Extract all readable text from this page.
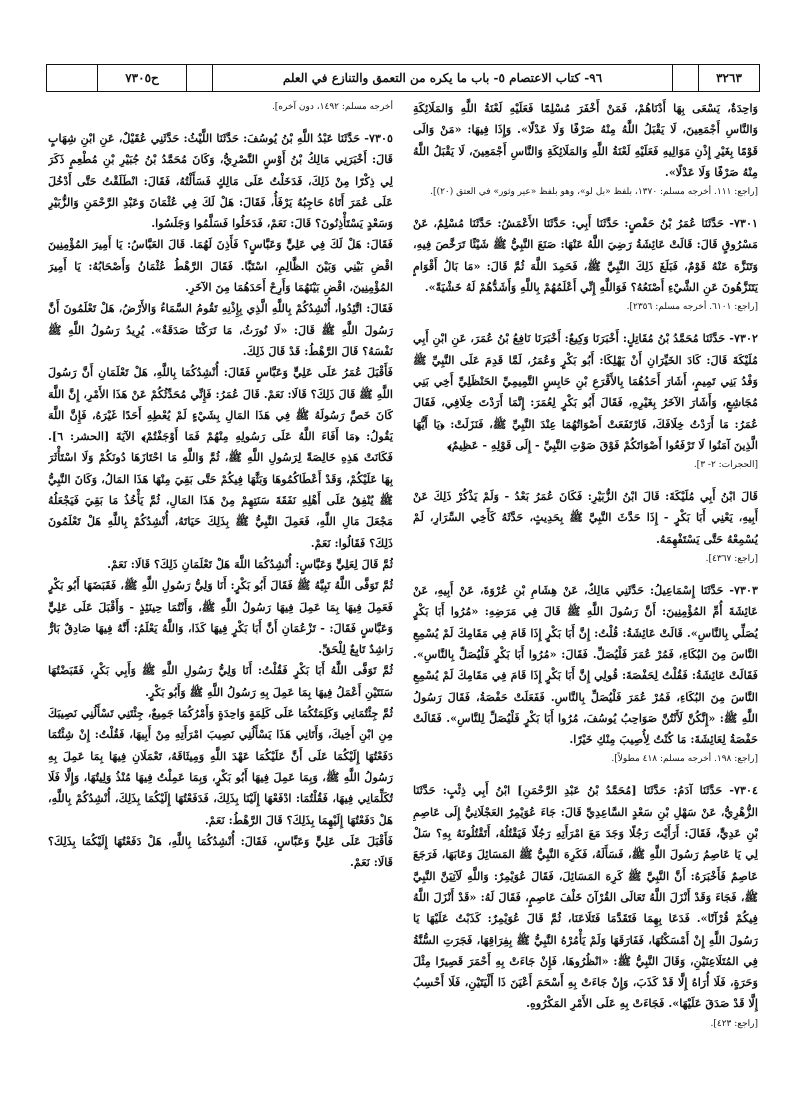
٣٢٦٣
٩٦- كتاب الاعتصام ٥- باب ما يكره من التعمق والتنازع في العلم
ح٧٣٠٥

وَاحِدَةٌ، يَسْعَى بِهَا أَدْنَاهُمْ، فَمَنْ أَخْفَرَ مُسْلِمًا فَعَلَيْهِ لَعْنَةُ اللَّهِ وَالمَلَائِكَةِ وَالنَّاسِ أَجْمَعِينَ، لَا يَقْبَلُ اللَّهُ مِنْهُ صَرْفًا وَلَا عَدْلًا». وَإِذَا فِيهَا: «مَنْ وَالَى قَوْمًا بِغَيْرِ إِذْنِ مَوَالِيهِ فَعَلَيْهِ لَعْنَةُ اللَّهِ وَالمَلَائِكَةِ وَالنَّاسِ أَجْمَعِينَ، لَا يَقْبَلُ اللَّهُ مِنْهُ صَرْفًا وَلَا عَدْلًا».

[راجع: ١١١. أخرجه مسلم: ١٣٧٠، بلفظ «بل لو»، وهو بلفظ «عير وثور» في العتق (٢٠)].

٧٣٠١- حَدَّثَنَا عُمَرُ بْنُ حَفْصٍ: حَدَّثَنَا أَبِي: حَدَّثَنَا الأَعْمَشُ: حَدَّثَنَا مُسْلِمٌ، عَنْ مَسْرُوقٍ قَالَ: قَالَتْ عَائِشَةُ رَضِيَ اللَّهُ عَنْهَا: صَنَعَ النَّبِيُّ ﷺ شَيْئًا تَرَخَّصَ فِيهِ، وَتَنَزَّهَ عَنْهُ قَوْمٌ، فَبَلَغَ ذَلِكَ النَّبِيَّ ﷺ، فَحَمِدَ اللَّهَ ثُمَّ قَالَ: «مَا بَالُ أَقْوَامٍ يَتَنَزَّهُونَ عَنِ الشَّيْءِ أَصْنَعُهُ؟ فَوَاللَّهِ إِنِّي أَعْلَمُهُمْ بِاللَّهِ وَأَشَدُّهُمْ لَهُ خَشْيَةً».

[راجع: ٦١٠١. أخرجه مسلم: ٢٣٥٦].

٧٣٠٢- حَدَّثَنَا مُحَمَّدُ بْنُ مُقَاتِلٍ: أَخْبَرَنَا وَكِيعٌ: أَخْبَرَنَا نَافِعُ بْنُ عُمَرَ، عَنِ ابْنِ أَبِي مُلَيْكَةَ قَالَ: كَادَ الخَيِّرَانِ أَنْ يَهْلِكَا: أَبُو بَكْرٍ وَعُمَرُ، لَمَّا قَدِمَ عَلَى النَّبِيِّ ﷺ وَفْدُ بَنِي تَمِيمٍ، أَشَارَ أَحَدُهُمَا بِالأَقْرَعِ بْنِ حَابِسٍ التَّمِيمِيِّ الحَنْظَلِيِّ أَخِي بَنِي مُجَاشِعٍ، وَأَشَارَ الآخَرُ بِغَيْرِهِ، فَقَالَ أَبُو بَكْرٍ لِعُمَرَ: إِنَّمَا أَرَدْتَ خِلَافِي، فَقَالَ عُمَرُ: مَا أَرَدْتُ خِلَافَكَ، فَارْتَفَعَتْ أَصْوَاتُهُمَا عِنْدَ النَّبِيِّ ﷺ، فَنَزَلَتْ: ﴿يَا أَيُّهَا الَّذِينَ آمَنُوا لَا تَرْفَعُوا أَصْوَاتَكُمْ فَوْقَ صَوْتِ النَّبِيِّ - إِلَى قَوْلِهِ - عَظِيمٌ﴾

[الحجرات: ٢- ٣].

قَالَ ابْنُ أَبِي مُلَيْكَةَ: قَالَ ابْنُ الزُّبَيْرِ: فَكَانَ عُمَرُ بَعْدُ - وَلَمْ يَذْكُرْ ذَلِكَ عَنْ أَبِيهِ، يَعْنِي أَبَا بَكْرٍ - إِذَا حَدَّثَ النَّبِيَّ ﷺ بِحَدِيثٍ، حَدَّثَهُ كَأَخِي السِّرَارِ، لَمْ يُسْمِعْهُ حَتَّى يَسْتَفْهِمَهُ.

[راجع: ٤٣٦٧].

٧٣٠٣- حَدَّثَنَا إِسْمَاعِيلُ: حَدَّثَنِي مَالِكٌ، عَنْ هِشَامِ بْنِ عُرْوَةَ، عَنْ أَبِيهِ، عَنْ عَائِشَةَ أُمِّ المُؤْمِنِينَ: أَنَّ رَسُولَ اللَّهِ ﷺ قَالَ فِي مَرَضِهِ: «مُرُوا أَبَا بَكْرٍ يُصَلِّي بِالنَّاسِ». قَالَتْ عَائِشَةُ: قُلْتُ: إِنَّ أَبَا بَكْرٍ إِذَا قَامَ فِي مَقَامِكَ لَمْ يُسْمِعِ النَّاسَ مِنَ البُكَاءِ، فَمُرْ عُمَرَ فَلْيُصَلِّ. فَقَالَ: «مُرُوا أَبَا بَكْرٍ فَلْيُصَلِّ بِالنَّاسِ». فَقَالَتْ عَائِشَةُ: فَقُلْتُ لِحَفْصَةَ: قُولِي إِنَّ أَبَا بَكْرٍ إِذَا قَامَ فِي مَقَامِكَ لَمْ يُسْمِعِ النَّاسَ مِنَ البُكَاءِ، فَمُرْ عُمَرَ فَلْيُصَلِّ بِالنَّاسِ. فَفَعَلَتْ حَفْصَةُ، فَقَالَ رَسُولُ اللَّهِ ﷺ: «إِنَّكُنَّ لَأَنْتُنَّ صَوَاحِبُ يُوسُفَ، مُرُوا أَبَا بَكْرٍ فَلْيُصَلِّ لِلنَّاسِ». فَقَالَتْ حَفْصَةُ لِعَائِشَةَ: مَا كُنْتُ لِأُصِيبَ مِنْكِ خَيْرًا.

[راجع: ١٩٨. أخرجه مسلم: ٤١٨ مطولاً].

٧٣٠٤- حَدَّثَنَا آدَمُ: حَدَّثَنَا [مُحَمَّدُ بْنُ عَبْدِ الرَّحْمَنِ] ابْنُ أَبِي ذِئْبٍ: حَدَّثَنَا الزُّهْرِيُّ، عَنْ سَهْلِ بْنِ سَعْدٍ السَّاعِدِيِّ قَالَ: جَاءَ عُوَيْمِرٌ العَجْلَانِيُّ إِلَى عَاصِمِ بْنِ عَدِيٍّ، فَقَالَ: أَرَأَيْتَ رَجُلًا وَجَدَ مَعَ امْرَأَتِهِ رَجُلًا فَيَقْتُلُهُ، أَتَقْتُلُونَهُ بِهِ؟ سَلْ لِي يَا عَاصِمُ رَسُولَ اللَّهِ ﷺ، فَسَأَلَهُ، فَكَرِهَ النَّبِيُّ ﷺ المَسَائِلَ وَعَابَهَا، فَرَجَعَ عَاصِمٌ فَأَخْبَرَهُ: أَنَّ النَّبِيَّ ﷺ كَرِهَ المَسَائِلَ، فَقَالَ عُوَيْمِرٌ: وَاللَّهِ لَآتِيَنَّ النَّبِيَّ ﷺ، فَجَاءَ وَقَدْ أَنْزَلَ اللَّهُ تَعَالَى القُرْآنَ خَلْفَ عَاصِمٍ، فَقَالَ لَهُ: «قَدْ أَنْزَلَ اللَّهُ فِيكُمْ قُرْآنًا». فَدَعَا بِهِمَا فَتَقَدَّمَا فَتَلَاعَنَا، ثُمَّ قَالَ عُوَيْمِرٌ: كَذَبْتُ عَلَيْهَا يَا رَسُولَ اللَّهِ إِنْ أَمْسَكْتُهَا، فَفَارَقَهَا وَلَمْ يَأْمُرْهُ النَّبِيُّ ﷺ بِفِرَاقِهَا، فَجَرَتِ السُّنَّةُ فِي المُتَلَاعِنَيْنِ، وَقَالَ النَّبِيُّ ﷺ: «انْظُرُوهَا، فَإِنْ جَاءَتْ بِهِ أَحْمَرَ قَصِيرًا مِثْلَ وَحَرَةٍ، فَلَا أُرَاهُ إِلَّا قَدْ كَذَبَ، وَإِنْ جَاءَتْ بِهِ أَسْحَمَ أَعْيَنَ ذَا أَلْيَتَيْنِ، فَلَا أَحْسِبُ إِلَّا قَدْ صَدَقَ عَلَيْهَا». فَجَاءَتْ بِهِ عَلَى الأَمْرِ المَكْرُوهِ.

[راجع: ٤٢٣].

أخرجه مسلم: ١٤٩٢، دون آخره].

٧٣٠٥- حَدَّثَنَا عَبْدُ اللَّهِ بْنُ يُوسُفَ: حَدَّثَنَا اللَّيْثُ: حَدَّثَنِي عُقَيْلٌ، عَنِ ابْنِ شِهَابٍ قَالَ: أَخْبَرَنِي مَالِكُ بْنُ أَوْسٍ النَّصْرِيُّ، وَكَانَ مُحَمَّدُ بْنُ جُبَيْرِ بْنِ مُطْعِمٍ ذَكَرَ لِي ذِكْرًا مِنْ ذَلِكَ، فَدَخَلْتُ عَلَى مَالِكٍ فَسَأَلْتُهُ، فَقَالَ: انْطَلَقْتُ حَتَّى أَدْخُلَ عَلَى عُمَرَ أَتَاهُ حَاجِبُهُ يَرْفَأُ، فَقَالَ: هَلْ لَكَ فِي عُثْمَانَ وَعَبْدِ الرَّحْمَنِ وَالزُّبَيْرِ وَسَعْدٍ يَسْتَأْذِنُونَ؟ قَالَ: نَعَمْ، فَدَخَلُوا فَسَلَّمُوا وَجَلَسُوا.

فَقَالَ: هَلْ لَكَ فِي عَلِيٍّ وَعَبَّاسٍ؟ فَأَذِنَ لَهُمَا. قَالَ العَبَّاسُ: يَا أَمِيرَ المُؤْمِنِينَ اقْضِ بَيْنِي وَبَيْنَ الظَّالِمِ، اسْتَبَّا. فَقَالَ الرَّهْطُ عُثْمَانُ وَأَصْحَابُهُ: يَا أَمِيرَ المُؤْمِنِينَ، اقْضِ بَيْنَهُمَا وَأَرِحْ أَحَدَهُمَا مِنَ الآخَرِ.

فَقَالَ: اتَّئِدُوا، أُنْشِدُكُمْ بِاللَّهِ الَّذِي بِإِذْنِهِ تَقُومُ السَّمَاءُ وَالأَرْضُ، هَلْ تَعْلَمُونَ أَنَّ رَسُولَ اللَّهِ ﷺ قَالَ: «لَا نُورَثُ، مَا تَرَكْنَا صَدَقَةٌ». يُرِيدُ رَسُولُ اللَّهِ ﷺ نَفْسَهُ؟ قَالَ الرَّهْطُ: قَدْ قَالَ ذَلِكَ.

فَأَقْبَلَ عُمَرُ عَلَى عَلِيٍّ وَعَبَّاسٍ فَقَالَ: أُنْشِدُكُمَا بِاللَّهِ، هَلْ تَعْلَمَانِ أَنَّ رَسُولَ اللَّهِ ﷺ قَالَ ذَلِكَ؟ قَالَا: نَعَمْ. قَالَ عُمَرُ: فَإِنِّي مُحَدِّثُكُمْ عَنْ هَذَا الأَمْرِ، إِنَّ اللَّهَ كَانَ خَصَّ رَسُولَهُ ﷺ فِي هَذَا المَالِ بِشَيْءٍ لَمْ يُعْطِهِ أَحَدًا غَيْرَهُ، فَإِنَّ اللَّهَ يَقُولُ: ﴿مَا أَفَاءَ اللَّهُ عَلَى رَسُولِهِ مِنْهُمْ فَمَا أَوْجَفْتُمْ﴾ الآيَةَ [الحشر: ٦]. فَكَانَتْ هَذِهِ خَالِصَةً لِرَسُولِ اللَّهِ ﷺ، ثُمَّ وَاللَّهِ مَا احْتَازَهَا دُونَكُمْ وَلَا اسْتَأْثَرَ بِهَا عَلَيْكُمْ، وَقَدْ أَعْطَاكُمُوهَا وَبَثَّهَا فِيكُمْ حَتَّى بَقِيَ مِنْهَا هَذَا المَالُ، وَكَانَ النَّبِيُّ ﷺ يُنْفِقُ عَلَى أَهْلِهِ نَفَقَةَ سَنَتِهِمْ مِنْ هَذَا المَالِ، ثُمَّ يَأْخُذُ مَا بَقِيَ فَيَجْعَلُهُ مَجْعَلَ مَالِ اللَّهِ، فَعَمِلَ النَّبِيُّ ﷺ بِذَلِكَ حَيَاتَهُ، أُنْشِدُكُمْ بِاللَّهِ هَلْ تَعْلَمُونَ ذَلِكَ؟ فَقَالُوا: نَعَمْ.

ثُمَّ قَالَ لِعَلِيٍّ وَعَبَّاسٍ: أُنْشِدُكُمَا اللَّهَ هَلْ تَعْلَمَانِ ذَلِكَ؟ قَالَا: نَعَمْ.

ثُمَّ تَوَفَّى اللَّهُ نَبِيَّهُ ﷺ فَقَالَ أَبُو بَكْرٍ: أَنَا وَلِيُّ رَسُولِ اللَّهِ ﷺ، فَقَبَضَهَا أَبُو بَكْرٍ فَعَمِلَ فِيهَا بِمَا عَمِلَ فِيهَا رَسُولُ اللَّهِ ﷺ، وَأَنْتُمَا حِينَئِذٍ - وَأَقْبَلَ عَلَى عَلِيٍّ وَعَبَّاسٍ فَقَالَ: - تَزْعُمَانِ أَنَّ أَبَا بَكْرٍ فِيهَا كَذَا، وَاللَّهُ يَعْلَمُ: أَنَّهُ فِيهَا صَادِقٌ بَارٌّ رَاشِدٌ تَابِعٌ لِلْحَقِّ.

ثُمَّ تَوَفَّى اللَّهُ أَبَا بَكْرٍ فَقُلْتُ: أَنَا وَلِيُّ رَسُولِ اللَّهِ ﷺ وَأَبِي بَكْرٍ، فَقَبَضْتُهَا سَنَتَيْنِ أَعْمَلُ فِيهَا بِمَا عَمِلَ بِهِ رَسُولُ اللَّهِ ﷺ وَأَبُو بَكْرٍ.

ثُمَّ جِئْتُمَانِي وَكَلِمَتُكُمَا عَلَى كَلِمَةٍ وَاحِدَةٍ وَأَمْرُكُمَا جَمِيعٌ، جِئْتَنِي تَسْأَلُنِي نَصِيبَكَ مِنِ ابْنِ أَخِيكَ، وَأَتَانِي هَذَا يَسْأَلُنِي نَصِيبَ امْرَأَتِهِ مِنْ أَبِيهَا، فَقُلْتُ: إِنْ شِئْتُمَا دَفَعْتُهَا إِلَيْكُمَا عَلَى أَنَّ عَلَيْكُمَا عَهْدَ اللَّهِ وَمِيثَاقَهُ، تَعْمَلَانِ فِيهَا بِمَا عَمِلَ بِهِ رَسُولُ اللَّهِ ﷺ، وَبِمَا عَمِلَ فِيهَا أَبُو بَكْرٍ، وَبِمَا عَمِلْتُ فِيهَا مُنْذُ وَلِيتُهَا، وَإِلَّا فَلَا تُكَلِّمَانِي فِيهَا، فَقُلْتُمَا: ادْفَعْهَا إِلَيْنَا بِذَلِكَ، فَدَفَعْتُهَا إِلَيْكُمَا بِذَلِكَ، أُنْشِدُكُمْ بِاللَّهِ، هَلْ دَفَعْتُهَا إِلَيْهِمَا بِذَلِكَ؟ قَالَ الرَّهْطُ: نَعَمْ.

فَأَقْبَلَ عَلَى عَلِيٍّ وَعَبَّاسٍ، فَقَالَ: أُنْشِدُكُمَا بِاللَّهِ، هَلْ دَفَعْتُهَا إِلَيْكُمَا بِذَلِكَ؟ قَالَا: نَعَمْ.
